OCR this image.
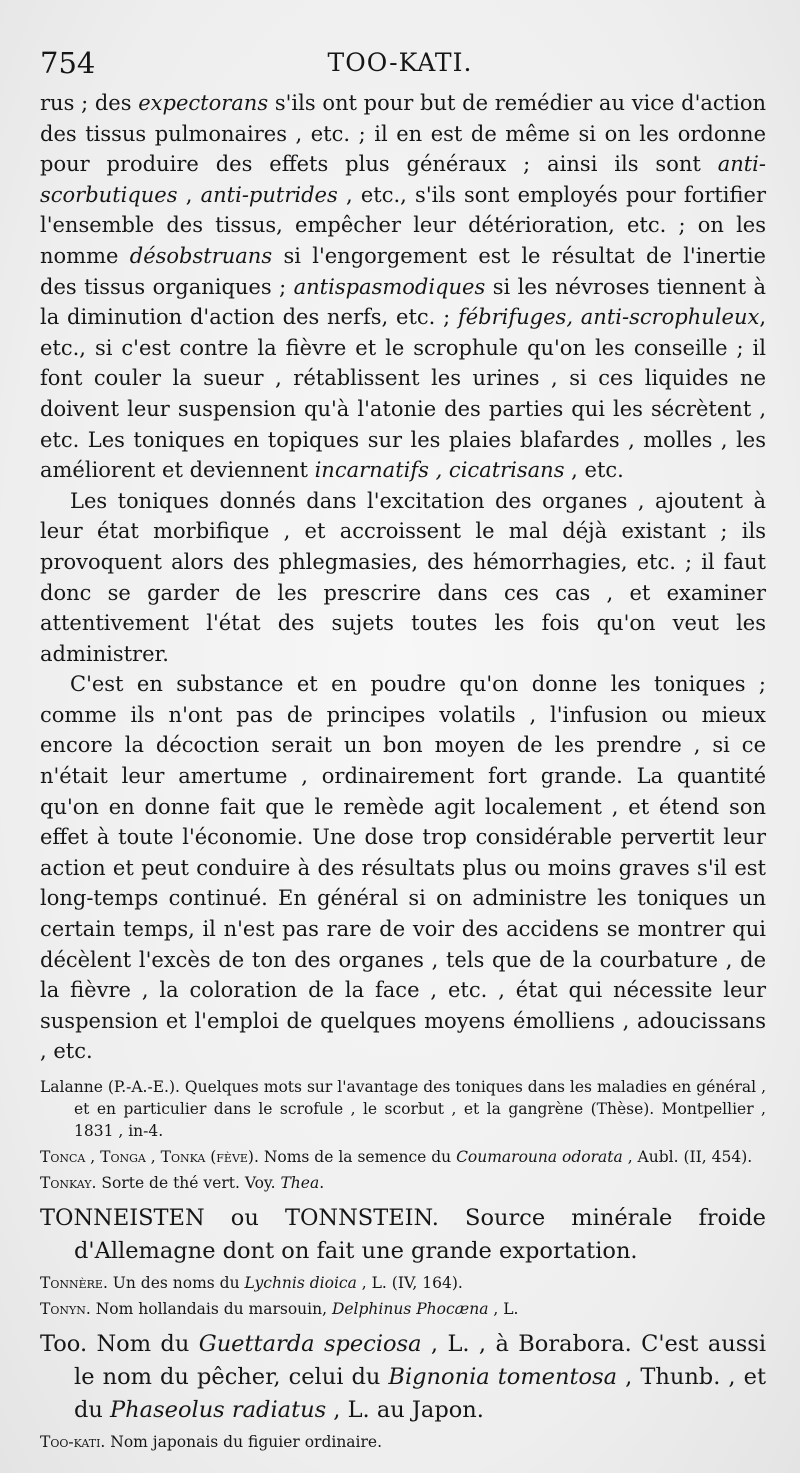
754	TOO-KATI.

rus ; des expectorans s'ils ont pour but de remédier au vice d'action des tissus pulmonaires , etc. ; il en est de même si on les ordonne pour produire des effets plus généraux ; ainsi ils sont anti-scorbutiques , anti-putrides , etc., s'ils sont employés pour fortifier l'ensemble des tissus, empêcher leur détérioration, etc. ; on les nomme désobstruans si l'engorgement est le résultat de l'inertie des tissus organiques ; antispasmodiques si les névroses tiennent à la diminution d'action des nerfs, etc. ; fébrifuges, anti-scrophuleux, etc., si c'est contre la fièvre et le scrophule qu'on les conseille ; il font couler la sueur , rétablissent les urines , si ces liquides ne doivent leur suspension qu'à l'atonie des parties qui les sécrètent , etc. Les toniques en topiques sur les plaies blafardes , molles , les améliorent et deviennent incarnatifs , cicatrisans , etc.

Les toniques donnés dans l'excitation des organes , ajoutent à leur état morbifique , et accroissent le mal déjà existant ; ils provoquent alors des phlegmasies, des hémorrhagies, etc. ; il faut donc se garder de les prescrire dans ces cas , et examiner attentivement l'état des sujets toutes les fois qu'on veut les administrer.

C'est en substance et en poudre qu'on donne les toniques ; comme ils n'ont pas de principes volatils , l'infusion ou mieux encore la décoction serait un bon moyen de les prendre , si ce n'était leur amertume , ordinairement fort grande. La quantité qu'on en donne fait que le remède agit localement , et étend son effet à toute l'économie. Une dose trop considérable pervertit leur action et peut conduire à des résultats plus ou moins graves s'il est long-temps continué. En général si on administre les toniques un certain temps, il n'est pas rare de voir des accidens se montrer qui décèlent l'excès de ton des organes , tels que de la courbature , de la fièvre , la coloration de la face , etc. , état qui nécessite leur suspension et l'emploi de quelques moyens émolliens , adoucissans , etc.

Lalanne (P.-A.-E.). Quelques mots sur l'avantage des toniques dans les maladies en général , et en particulier dans le scrofule , le scorbut , et la gangrène (Thèse). Montpellier , 1831 , in-4.

Tonca , Tonga , Tonka (fève). Noms de la semence du Coumarouna odorata , Aubl. (II, 454).

Tonkay. Sorte de thé vert. Voy. Thea.

TONNEISTEN ou TONNSTEIN. Source minérale froide d'Allemagne dont on fait une grande exportation.

Tonnère. Un des noms du Lychnis dioica , L. (IV, 164).

Tonyn. Nom hollandais du marsouin, Delphinus Phocæna , L.

Too. Nom du Guettarda speciosa , L. , à Borabora. C'est aussi le nom du pêcher, celui du Bignonia tomentosa , Thunb. , et du Phaseolus radiatus , L. au Japon.

Too-kati. Nom japonais du figuier ordinaire.
